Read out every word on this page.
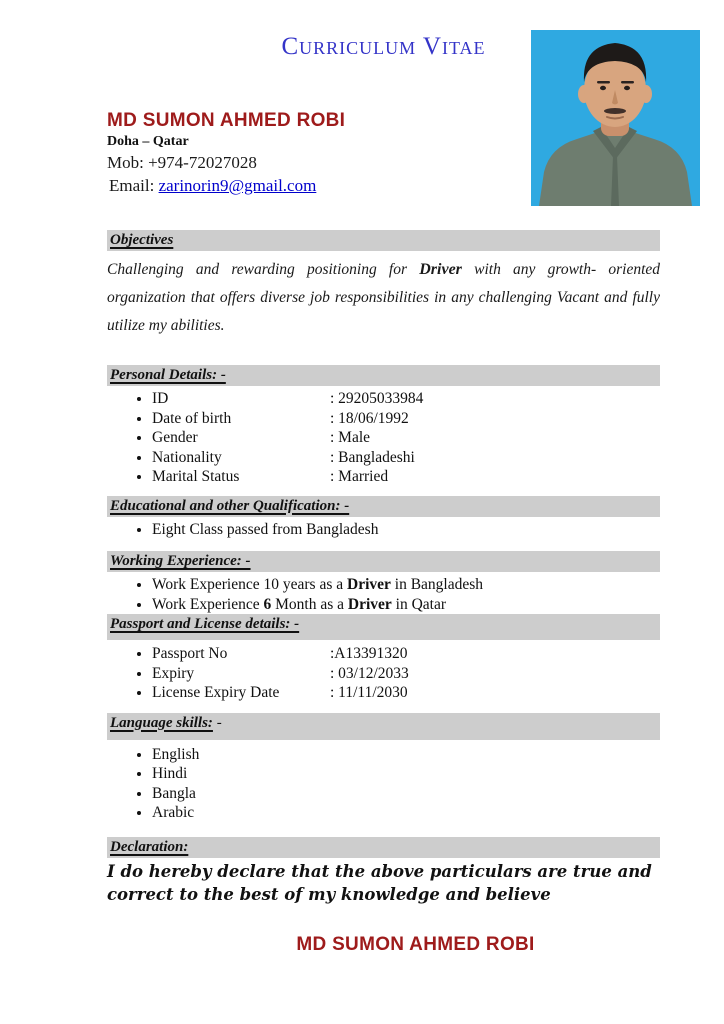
Curriculum Vitae
MD SUMON AHMED ROBI
Doha – Qatar
Mob: +974-72027028
Email: zarinorin9@gmail.com
Objectives
Challenging and rewarding positioning for Driver with any growth- oriented organization that offers diverse job responsibilities in any challenging Vacant and fully utilize my abilities.
Personal Details: -
• ID	: 29205033984
• Date of birth	: 18/06/1992
• Gender	: Male
• Nationality	: Bangladeshi
• Marital Status	: Married
Educational and other Qualification: -
• Eight Class passed from Bangladesh
Working Experience: -
• Work Experience 10 years as a Driver in Bangladesh
• Work Experience 6 Month as a Driver in Qatar
Passport and License details: -
• Passport No	:A13391320
• Expiry	: 03/12/2033
• License Expiry Date	: 11/11/2030
Language skills: -
• English
• Hindi
• Bangla
• Arabic
Declaration:
I do hereby declare that the above particulars are true and correct to the best of my knowledge and believe
MD SUMON AHMED ROBI
